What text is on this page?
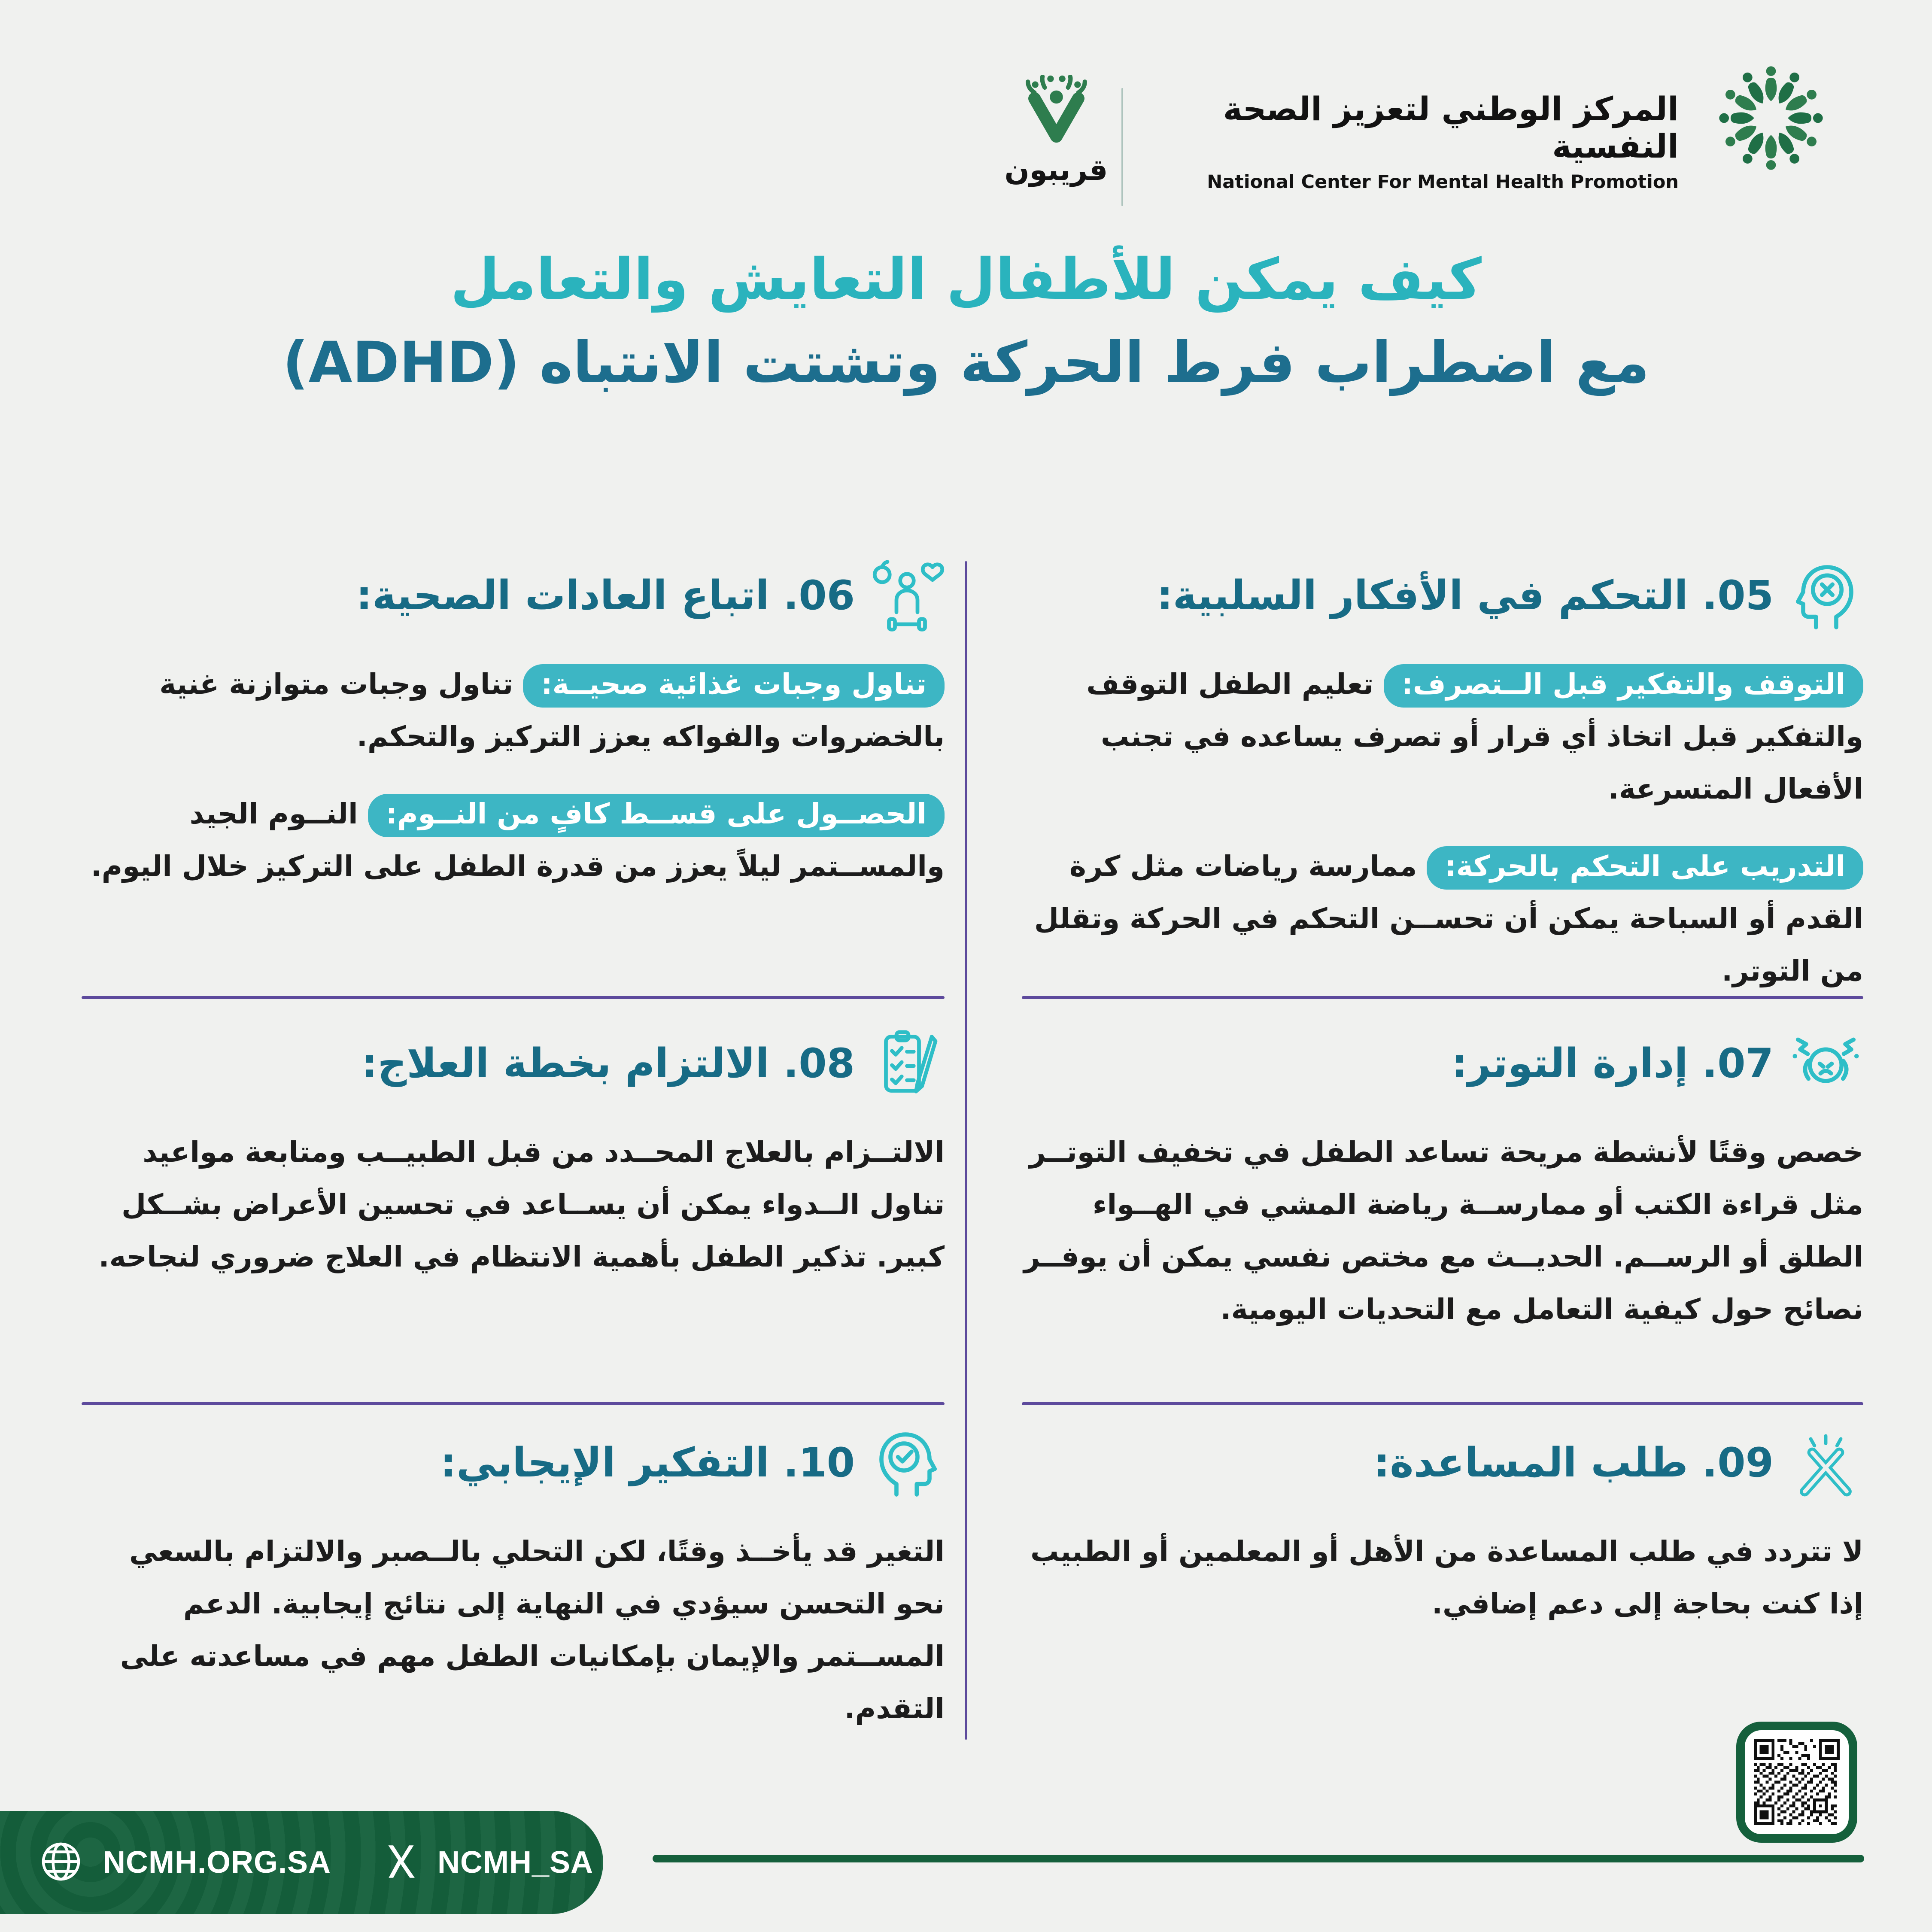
المركز الوطني لتعزيز الصحة النفسية
National Center For Mental Health Promotion
قريبون
كيف يمكن للأطفال التعايش والتعامل
مع اضطراب فرط الحركة وتشتت الانتباه (ADHD)
05. التحكم في الأفكار السلبية:

التوقف والتفكير قبل الــتصرف: تعليم الطفل التوقف والتفكير قبل اتخاذ أي قرار أو تصرف يساعده في تجنب الأفعال المتسرعة.

التدريب على التحكم بالحركة: ممارسة رياضات مثل كرة القدم أو السباحة يمكن أن تحســن التحكم في الحركة وتقلل من التوتر.

07. إدارة التوتر:

خصص وقتًا لأنشطة مريحة تساعد الطفل في تخفيف التوتــر مثل قراءة الكتب أو ممارســة رياضة المشي في الهــواء الطلق أو الرســم. الحديــث مع مختص نفسي يمكن أن يوفــر نصائح حول كيفية التعامل مع التحديات اليومية.

09. طلب المساعدة:

لا تتردد في طلب المساعدة من الأهل أو المعلمين أو الطبيب إذا كنت بحاجة إلى دعم إضافي.

06. اتباع العادات الصحية:

تناول وجبات غذائية صحيــة: تناول وجبات متوازنة غنية بالخضروات والفواكه يعزز التركيز والتحكم.

الحصــول على قســط كافٍ من النــوم: النــوم الجيد والمســتمر ليلاً يعزز من قدرة الطفل على التركيز خلال اليوم.

08. الالتزام بخطة العلاج:

الالتــزام بالعلاج المحــدد من قبل الطبيــب ومتابعة مواعيد تناول الــدواء يمكن أن يســاعد في تحسين الأعراض بشــكل كبير. تذكير الطفل بأهمية الانتظام في العلاج ضروري لنجاحه.

10. التفكير الإيجابي:

التغير قد يأخــذ وقتًا، لكن التحلي بالــصبر والالتزام بالسعي نحو التحسن سيؤدي في النهاية إلى نتائج إيجابية. الدعم المســتمر والإيمان بإمكانيات الطفل مهم في مساعدته على التقدم.

NCMH.ORG.SA	NCMH_SA
